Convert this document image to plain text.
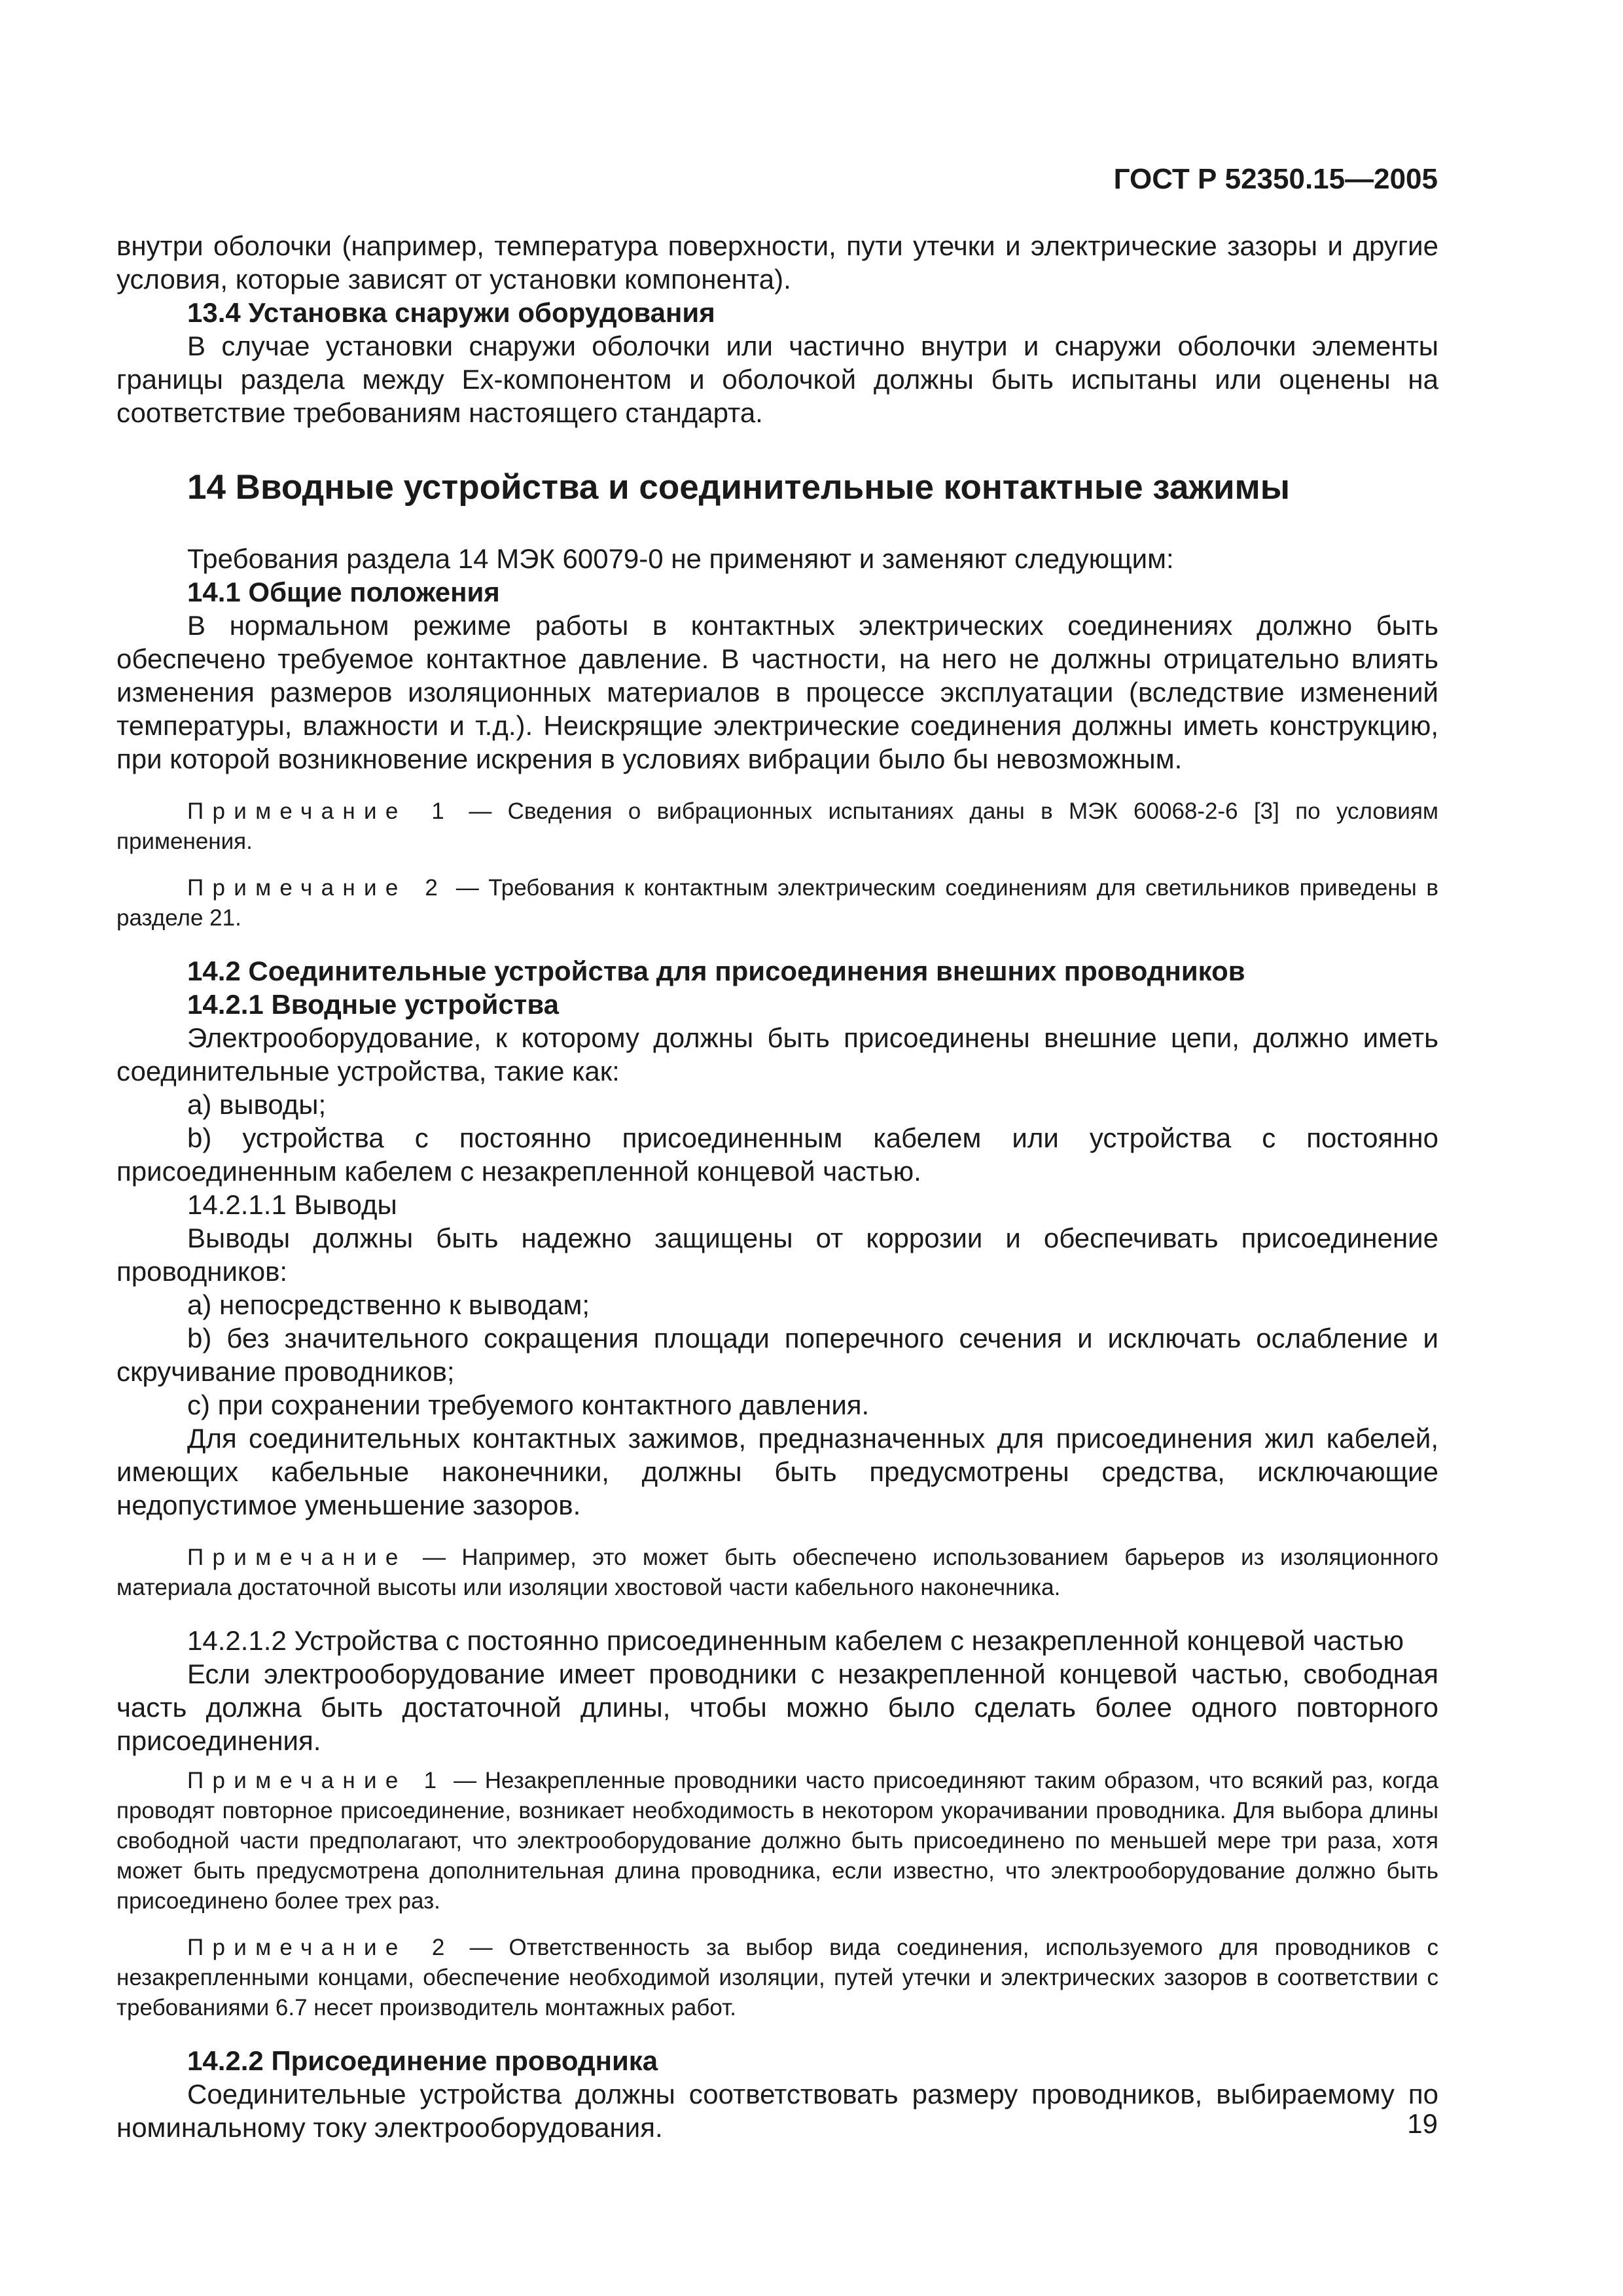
ГОСТ Р 52350.15—2005

внутри оболочки (например, температура поверхности, пути утечки и электрические зазоры и другие условия, которые зависят от установки компонента).

13.4 Установка снаружи оборудования

В случае установки снаружи оболочки или частично внутри и снаружи оболочки элементы границы раздела между Ex-компонентом и оболочкой должны быть испытаны или оценены на соответствие требованиям настоящего стандарта.

14 Вводные устройства и соединительные контактные зажимы

Требования раздела 14 МЭК 60079-0 не применяют и заменяют следующим:

14.1 Общие положения

В нормальном режиме работы в контактных электрических соединениях должно быть обеспечено требуемое контактное давление. В частности, на него не должны отрицательно влиять изменения размеров изоляционных материалов в процессе эксплуатации (вследствие изменений температуры, влажности и т.д.). Неискрящие электрические соединения должны иметь конструкцию, при которой возникновение искрения в условиях вибрации было бы невозможным.

Примечание 1 — Сведения о вибрационных испытаниях даны в МЭК 60068-2-6 [3] по условиям применения.

Примечание 2 — Требования к контактным электрическим соединениям для светильников приведены в разделе 21.

14.2 Соединительные устройства для присоединения внешних проводников

14.2.1 Вводные устройства

Электрооборудование, к которому должны быть присоединены внешние цепи, должно иметь соединительные устройства, такие как:

a) выводы;

b) устройства с постоянно присоединенным кабелем или устройства с постоянно присоединенным кабелем с незакрепленной концевой частью.

14.2.1.1 Выводы

Выводы должны быть надежно защищены от коррозии и обеспечивать присоединение проводников:

a) непосредственно к выводам;

b) без значительного сокращения площади поперечного сечения и исключать ослабление и скручивание проводников;

c) при сохранении требуемого контактного давления.

Для соединительных контактных зажимов, предназначенных для присоединения жил кабелей, имеющих кабельные наконечники, должны быть предусмотрены средства, исключающие недопустимое уменьшение зазоров.

Примечание — Например, это может быть обеспечено использованием барьеров из изоляционного материала достаточной высоты или изоляции хвостовой части кабельного наконечника.

14.2.1.2 Устройства с постоянно присоединенным кабелем с незакрепленной концевой частью

Если электрооборудование имеет проводники с незакрепленной концевой частью, свободная часть должна быть достаточной длины, чтобы можно было сделать более одного повторного присоединения.

Примечание 1 — Незакрепленные проводники часто присоединяют таким образом, что всякий раз, когда проводят повторное присоединение, возникает необходимость в некотором укорачивании проводника. Для выбора длины свободной части предполагают, что электрооборудование должно быть присоединено по меньшей мере три раза, хотя может быть предусмотрена дополнительная длина проводника, если известно, что электрооборудование должно быть присоединено более трех раз.

Примечание 2 — Ответственность за выбор вида соединения, используемого для проводников с незакрепленными концами, обеспечение необходимой изоляции, путей утечки и электрических зазоров в соответствии с требованиями 6.7 несет производитель монтажных работ.

14.2.2 Присоединение проводника

Соединительные устройства должны соответствовать размеру проводников, выбираемому по номинальному току электрооборудования.	19
